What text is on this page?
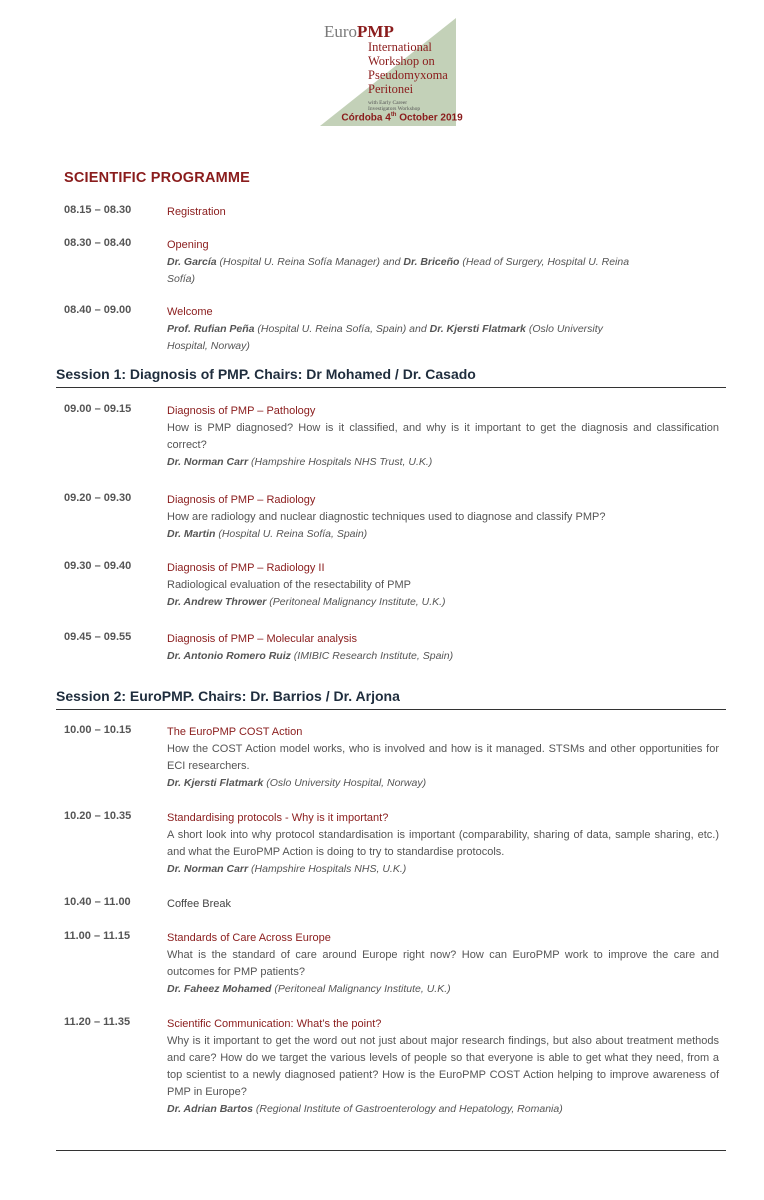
EuroPMP
International
Workshop on
Pseudomyxoma
Peritonei
with Early Career
Investigators Workshop
Córdoba 4th October 2019
SCIENTIFIC PROGRAMME
08.15 – 08.30	Registration
08.30 – 08.40	Opening
Dr. García (Hospital U. Reina Sofía Manager) and Dr. Briceño (Head of Surgery, Hospital U. Reina
Sofía)
08.40 – 09.00	Welcome
Prof. Rufian Peña (Hospital U. Reina Sofía, Spain) and Dr. Kjersti Flatmark (Oslo University
Hospital, Norway)
Session 1: Diagnosis of PMP. Chairs: Dr Mohamed / Dr. Casado
09.00 – 09.15	Diagnosis of PMP – Pathology
How is PMP diagnosed? How is it classified, and why is it important to get the diagnosis and classification correct?
Dr. Norman Carr (Hampshire Hospitals NHS Trust, U.K.)
09.20 – 09.30	Diagnosis of PMP – Radiology
How are radiology and nuclear diagnostic techniques used to diagnose and classify PMP?
Dr. Martin (Hospital U. Reina Sofía, Spain)
09.30 – 09.40	Diagnosis of PMP – Radiology II
Radiological evaluation of the resectability of PMP
Dr. Andrew Thrower (Peritoneal Malignancy Institute, U.K.)
09.45 – 09.55	Diagnosis of PMP – Molecular analysis
Dr. Antonio Romero Ruiz (IMIBIC Research Institute, Spain)
Session 2: EuroPMP. Chairs: Dr. Barrios / Dr. Arjona
10.00 – 10.15	The EuroPMP COST Action
How the COST Action model works, who is involved and how is it managed. STSMs and other opportunities for ECI researchers.
Dr. Kjersti Flatmark (Oslo University Hospital, Norway)
10.20 – 10.35	Standardising protocols - Why is it important?
A short look into why protocol standardisation is important (comparability, sharing of data, sample sharing, etc.) and what the EuroPMP Action is doing to try to standardise protocols.
Dr. Norman Carr (Hampshire Hospitals NHS, U.K.)
10.40 – 11.00	Coffee Break
11.00 – 11.15	Standards of Care Across Europe
What is the standard of care around Europe right now? How can EuroPMP work to improve the care and outcomes for PMP patients?
Dr. Faheez Mohamed (Peritoneal Malignancy Institute, U.K.)
11.20 – 11.35	Scientific Communication: What’s the point?
Why is it important to get the word out not just about major research findings, but also about treatment methods and care? How do we target the various levels of people so that everyone is able to get what they need, from a top scientist to a newly diagnosed patient? How is the EuroPMP COST Action helping to improve awareness of PMP in Europe?
Dr. Adrian Bartos (Regional Institute of Gastroenterology and Hepatology, Romania)
